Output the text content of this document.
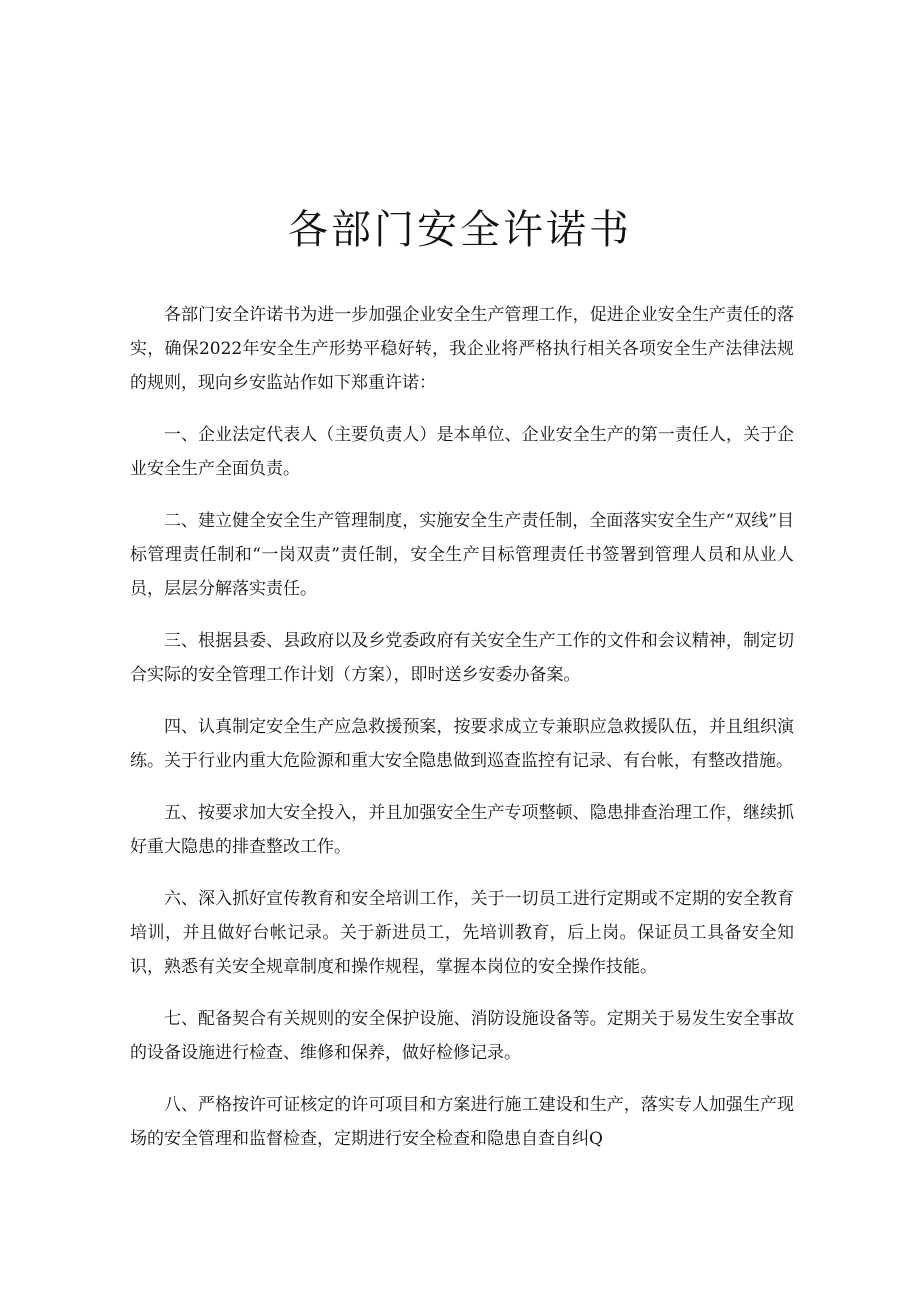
各部门安全许诺书

各部门安全许诺书为进一步加强企业安全生产管理工作，促进企业安全生产责任的落实，确保2022年安全生产形势平稳好转，我企业将严格执行相关各项安全生产法律法规的规则，现向乡安监站作如下郑重许诺：

一、企业法定代表人（主要负责人）是本单位、企业安全生产的第一责任人，关于企业安全生产全面负责。

二、建立健全安全生产管理制度，实施安全生产责任制，全面落实安全生产“双线”目标管理责任制和“一岗双责”责任制，安全生产目标管理责任书签署到管理人员和从业人员，层层分解落实责任。

三、根据县委、县政府以及乡党委政府有关安全生产工作的文件和会议精神，制定切合实际的安全管理工作计划（方案），即时送乡安委办备案。

四、认真制定安全生产应急救援预案，按要求成立专兼职应急救援队伍，并且组织演练。关于行业内重大危险源和重大安全隐患做到巡查监控有记录、有台帐，有整改措施。

五、按要求加大安全投入，并且加强安全生产专项整顿、隐患排查治理工作，继续抓好重大隐患的排查整改工作。

六、深入抓好宣传教育和安全培训工作，关于一切员工进行定期或不定期的安全教育培训，并且做好台帐记录。关于新进员工，先培训教育，后上岗。保证员工具备安全知识，熟悉有关安全规章制度和操作规程，掌握本岗位的安全操作技能。

七、配备契合有关规则的安全保护设施、消防设施设备等。定期关于易发生安全事故的设备设施进行检查、维修和保养，做好检修记录。

八、严格按许可证核定的许可项目和方案进行施工建设和生产，落实专人加强生产现场的安全管理和监督检查，定期进行安全检查和隐患自查自纠Q
